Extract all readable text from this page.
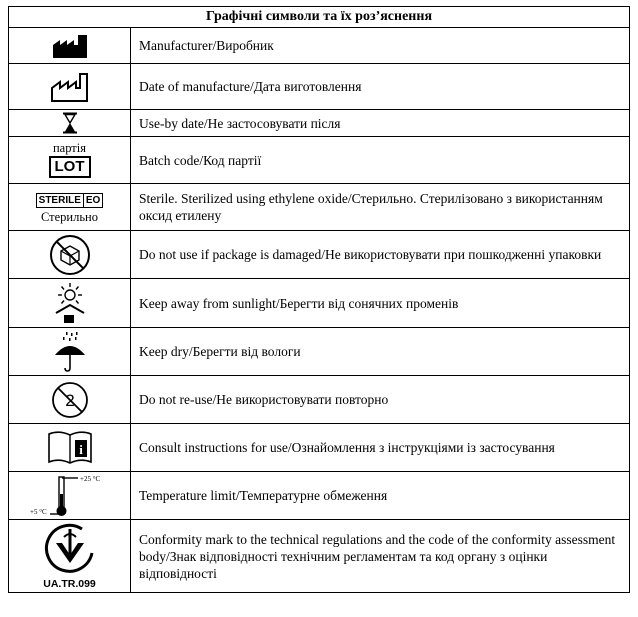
Графічні символи та їх розʼяснення	

	Manufacturer/Виробник

	Date of manufacture/Дата виготовлення

	Use-by date/Не застосовувати після

партія
LOT	Batch code/Код партії

STERILE EO
Стерильно	Sterile. Sterilized using ethylene oxide/Стерильно. Стерилізовано з використанням оксид етилену

	Do not use if package is damaged/Не використовувати при пошкодженні упаковки

	Keep away from sunlight/Берегти від сонячних променів

	Keep dry/Берегти від вологи

2	Do not re-use/Не використовувати повторно

i	Consult instructions for use/Ознайомлення з інструкціями із застосування

+25 °C
+5 °C	Temperature limit/Температурне обмеження

UA.TR.099	Conformity mark to the technical regulations and the code of the conformity assessment body/Знак відповідності технічним регламентам та код органу з оцінки відповідності
